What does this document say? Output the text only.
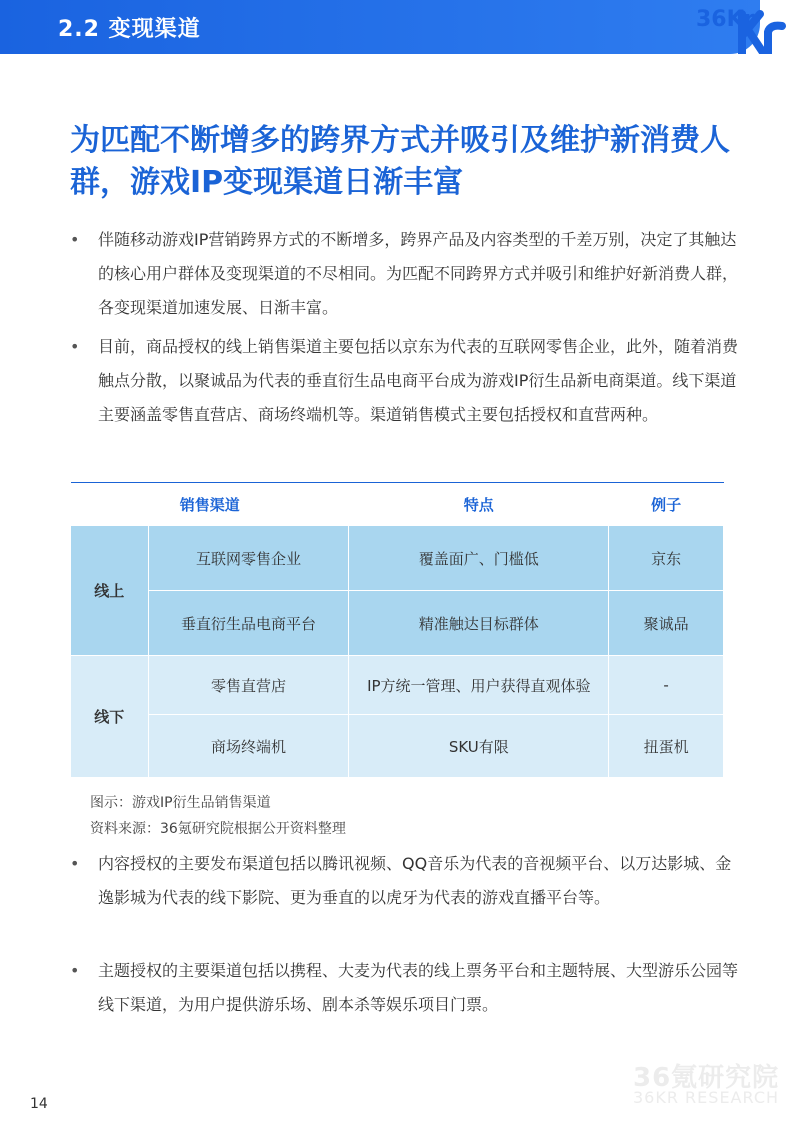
2.2 变现渠道	36Kr
为匹配不断增多的跨界方式并吸引及维护新消费人群，游戏IP变现渠道日渐丰富
•	伴随移动游戏IP营销跨界方式的不断增多，跨界产品及内容类型的千差万别，决定了其触达的核心用户群体及变现渠道的不尽相同。为匹配不同跨界方式并吸引和维护好新消费人群，各变现渠道加速发展、日渐丰富。
•	目前，商品授权的线上销售渠道主要包括以京东为代表的互联网零售企业，此外，随着消费触点分散，以聚诚品为代表的垂直衍生品电商平台成为游戏IP衍生品新电商渠道。线下渠道主要涵盖零售直营店、商场终端机等。渠道销售模式主要包括授权和直营两种。
•	内容授权的主要发布渠道包括以腾讯视频、QQ音乐为代表的音视频平台、以万达影城、金逸影城为代表的线下影院、更为垂直的以虎牙为代表的游戏直播平台等。
•	主题授权的主要渠道包括以携程、大麦为代表的线上票务平台和主题特展、大型游乐公园等线下渠道，为用户提供游乐场、剧本杀等娱乐项目门票。
销售渠道		特点	例子
线上	互联网零售企业	覆盖面广、门槛低	京东
	垂直衍生品电商平台	精准触达目标群体	聚诚品
线下	零售直营店	IP方统一管理、用户获得直观体验	-
	商场终端机	SKU有限	扭蛋机
图示：游戏IP衍生品销售渠道
资料来源：36氪研究院根据公开资料整理
36氪研究院
36KR RESEARCH
14
